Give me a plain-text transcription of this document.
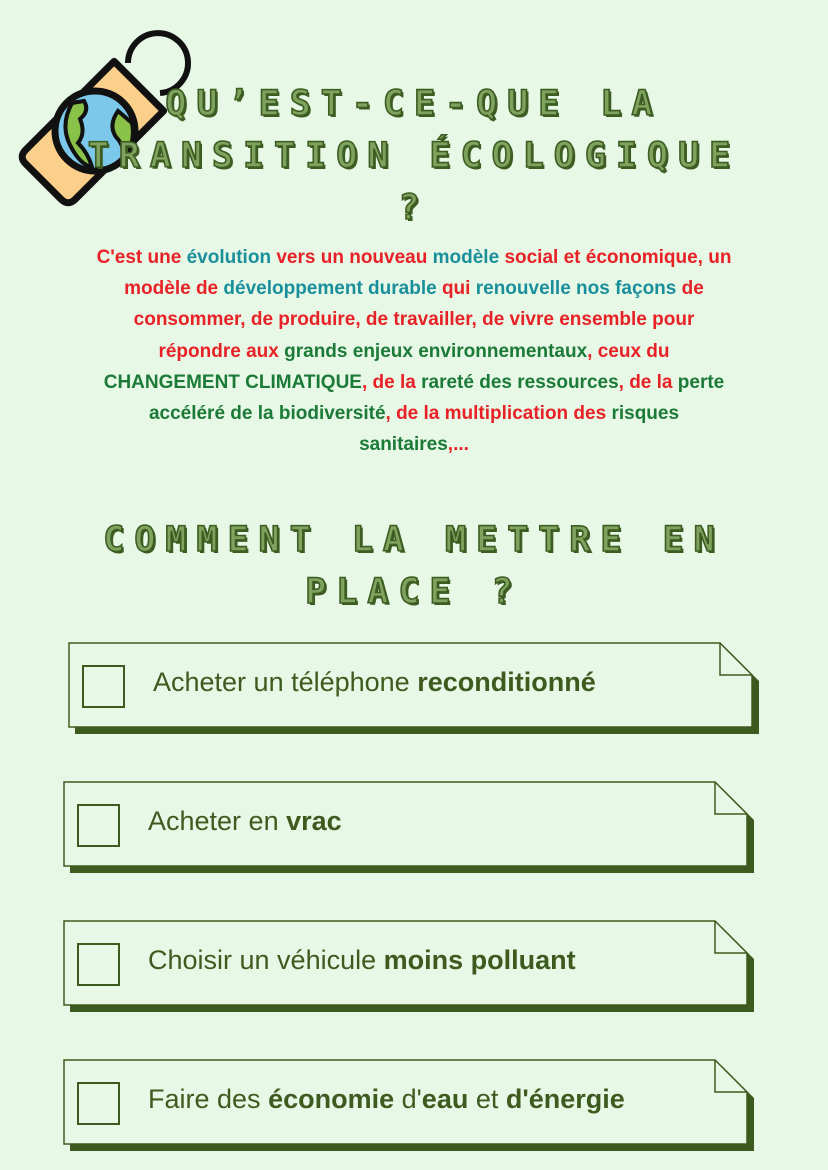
QU’EST-CE-QUE LA
TRANSITION ÉCOLOGIQUE
?
C'est une évolution vers un nouveau modèle social et économique, un
modèle de développement durable qui renouvelle nos façons de
consommer, de produire, de travailler, de vivre ensemble pour
répondre aux grands enjeux environnementaux, ceux du
CHANGEMENT CLIMATIQUE, de la rareté des ressources, de la perte
accéléré de la biodiversité, de la multiplication des risques
sanitaires,...
COMMENT LA METTRE EN
PLACE ?
Acheter un téléphone reconditionné
Acheter en vrac
Choisir un véhicule moins polluant
Faire des économie d'eau et d'énergie
